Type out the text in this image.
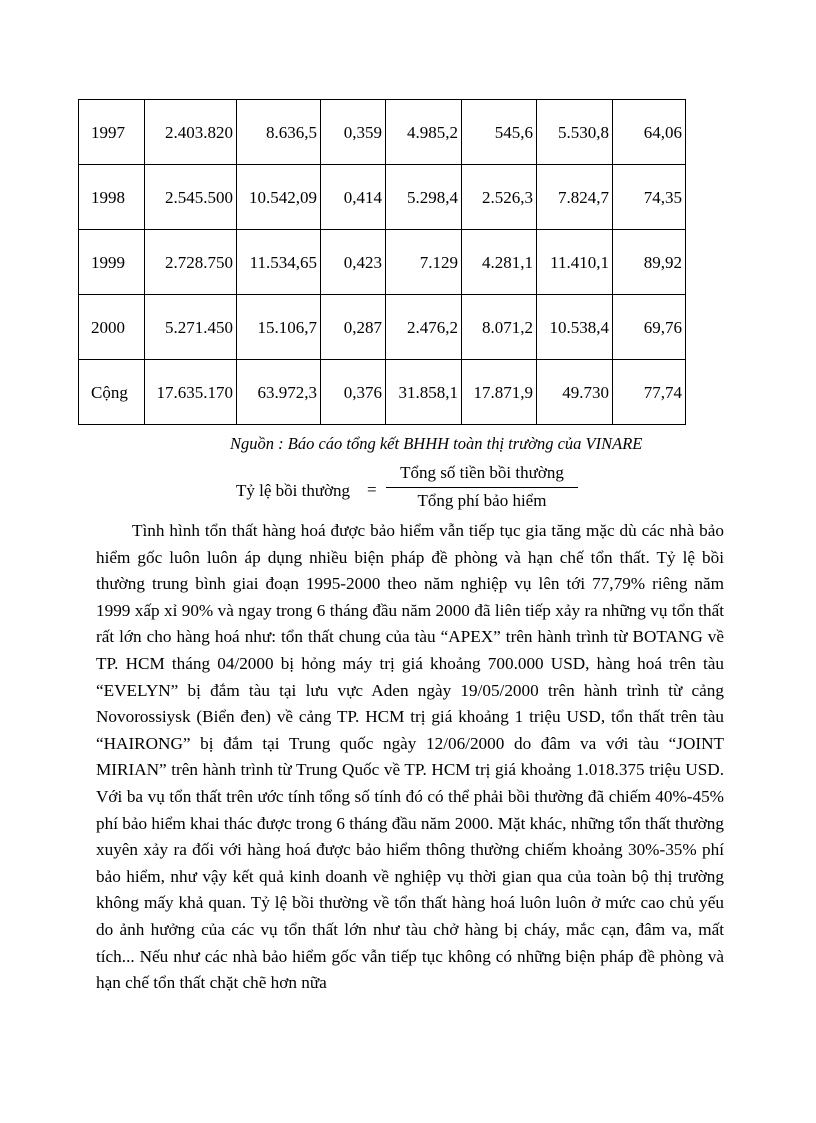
1997	2.403.820	8.636,5	0,359	4.985,2	545,6	5.530,8	64,06
1998	2.545.500	10.542,09	0,414	5.298,4	2.526,3	7.824,7	74,35
1999	2.728.750	11.534,65	0,423	7.129	4.281,1	11.410,1	89,92
2000	5.271.450	15.106,7	0,287	2.476,2	8.071,2	10.538,4	69,76
Cộng	17.635.170	63.972,3	0,376	31.858,1	17.871,9	49.730	77,74
Nguồn : Báo cáo tổng kết BHHH toàn thị trường của VINARE
Tỷ lệ bồi thường =
Tổng số tiền bồi thường
Tổng phí bảo hiểm

Tình hình tổn thất hàng hoá được bảo hiểm vẫn tiếp tục gia tăng mặc dù các nhà bảo hiểm gốc luôn luôn áp dụng nhiều biện pháp đề phòng và hạn chế tổn thất. Tỷ lệ bồi thường trung bình giai đoạn 1995-2000 theo năm nghiệp vụ lên tới 77,79% riêng năm 1999 xấp xỉ 90% và ngay trong 6 tháng đầu năm 2000 đã liên tiếp xảy ra những vụ tổn thất rất lớn cho hàng hoá như: tổn thất chung của tàu “APEX” trên hành trình từ BOTANG về TP. HCM tháng 04/2000 bị hỏng máy trị giá khoảng 700.000 USD, hàng hoá trên tàu “EVELYN” bị đắm tàu tại lưu vực Aden ngày 19/05/2000 trên hành trình từ cảng Novorossiysk (Biển đen) về cảng TP. HCM trị giá khoảng 1 triệu USD, tổn thất trên tàu “HAIRONG” bị đắm tại Trung quốc ngày 12/06/2000 do đâm va với tàu “JOINT MIRIAN” trên hành trình từ Trung Quốc về TP. HCM trị giá khoảng 1.018.375 triệu USD. Với ba vụ tổn thất trên ước tính tổng số tính đó có thể phải bồi thường đã chiếm 40%-45% phí bảo hiểm khai thác được trong 6 tháng đầu năm 2000. Mặt khác, những tổn thất thường xuyên xảy ra đối với hàng hoá được bảo hiểm thông thường chiếm khoảng 30%-35% phí bảo hiểm, như vậy kết quả kinh doanh về nghiệp vụ thời gian qua của toàn bộ thị trường không mấy khả quan. Tỷ lệ bồi thường về tổn thất hàng hoá luôn luôn ở mức cao chủ yếu do ảnh hưởng của các vụ tổn thất lớn như tàu chở hàng bị cháy, mắc cạn, đâm va, mất tích... Nếu như các nhà bảo hiểm gốc vẫn tiếp tục không có những biện pháp đề phòng và hạn chế tổn thất chặt chẽ hơn nữa
